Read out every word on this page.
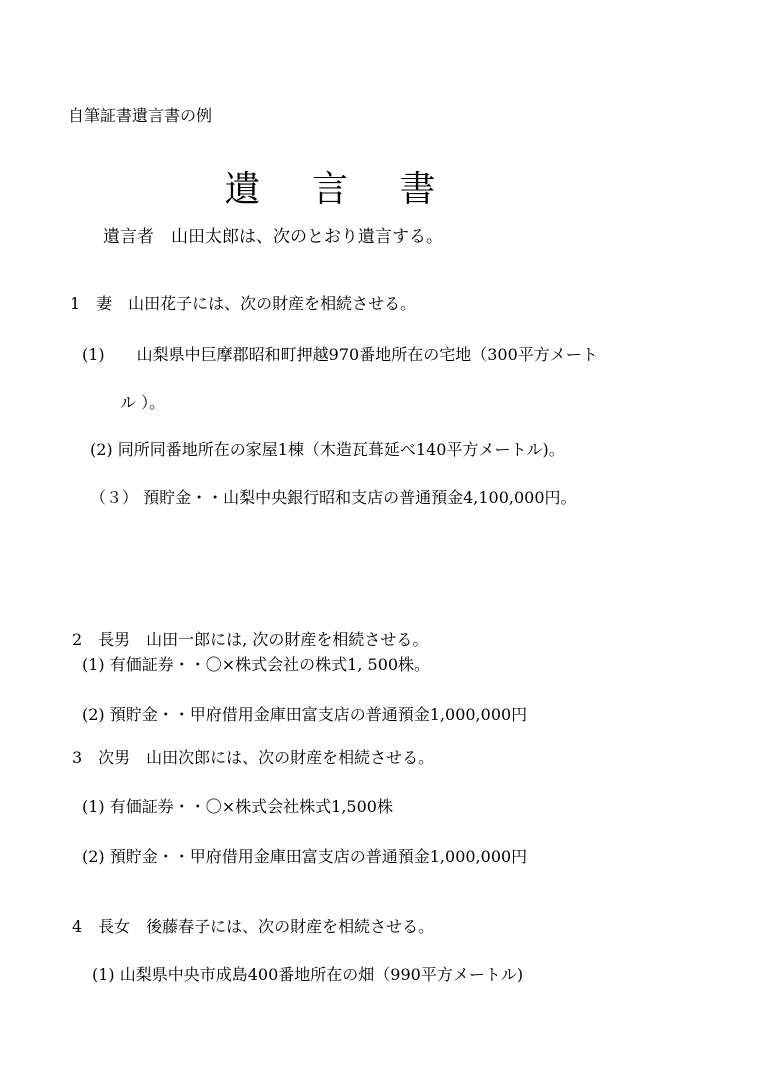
自筆証書遺言書の例
遺 言 書
遺言者　山田太郎は、次のとおり遺言する。
1　妻　山田花子には、次の財産を相続させる。
(1)　　山梨県中巨摩郡昭和町押越970番地所在の宅地（300平方メート
ル ）。
(2) 同所同番地所在の家屋1棟（木造瓦葺延べ140平方メートル)。
（３） 預貯金・・山梨中央銀行昭和支店の普通預金4,100,000円。
2　長男　山田一郎には, 次の財産を相続させる。
(1) 有価証券・・〇×株式会社の株式1, 500株。
(2) 預貯金・・甲府借用金庫田富支店の普通預金1,000,000円
3　次男　山田次郎には、次の財産を相続させる。
(1) 有価証券・・〇×株式会社株式1,500株
(2) 預貯金・・甲府借用金庫田富支店の普通預金1,000,000円
4　長女　後藤春子には、次の財産を相続させる。
(1) 山梨県中央市成島400番地所在の畑（990平方メートル)
